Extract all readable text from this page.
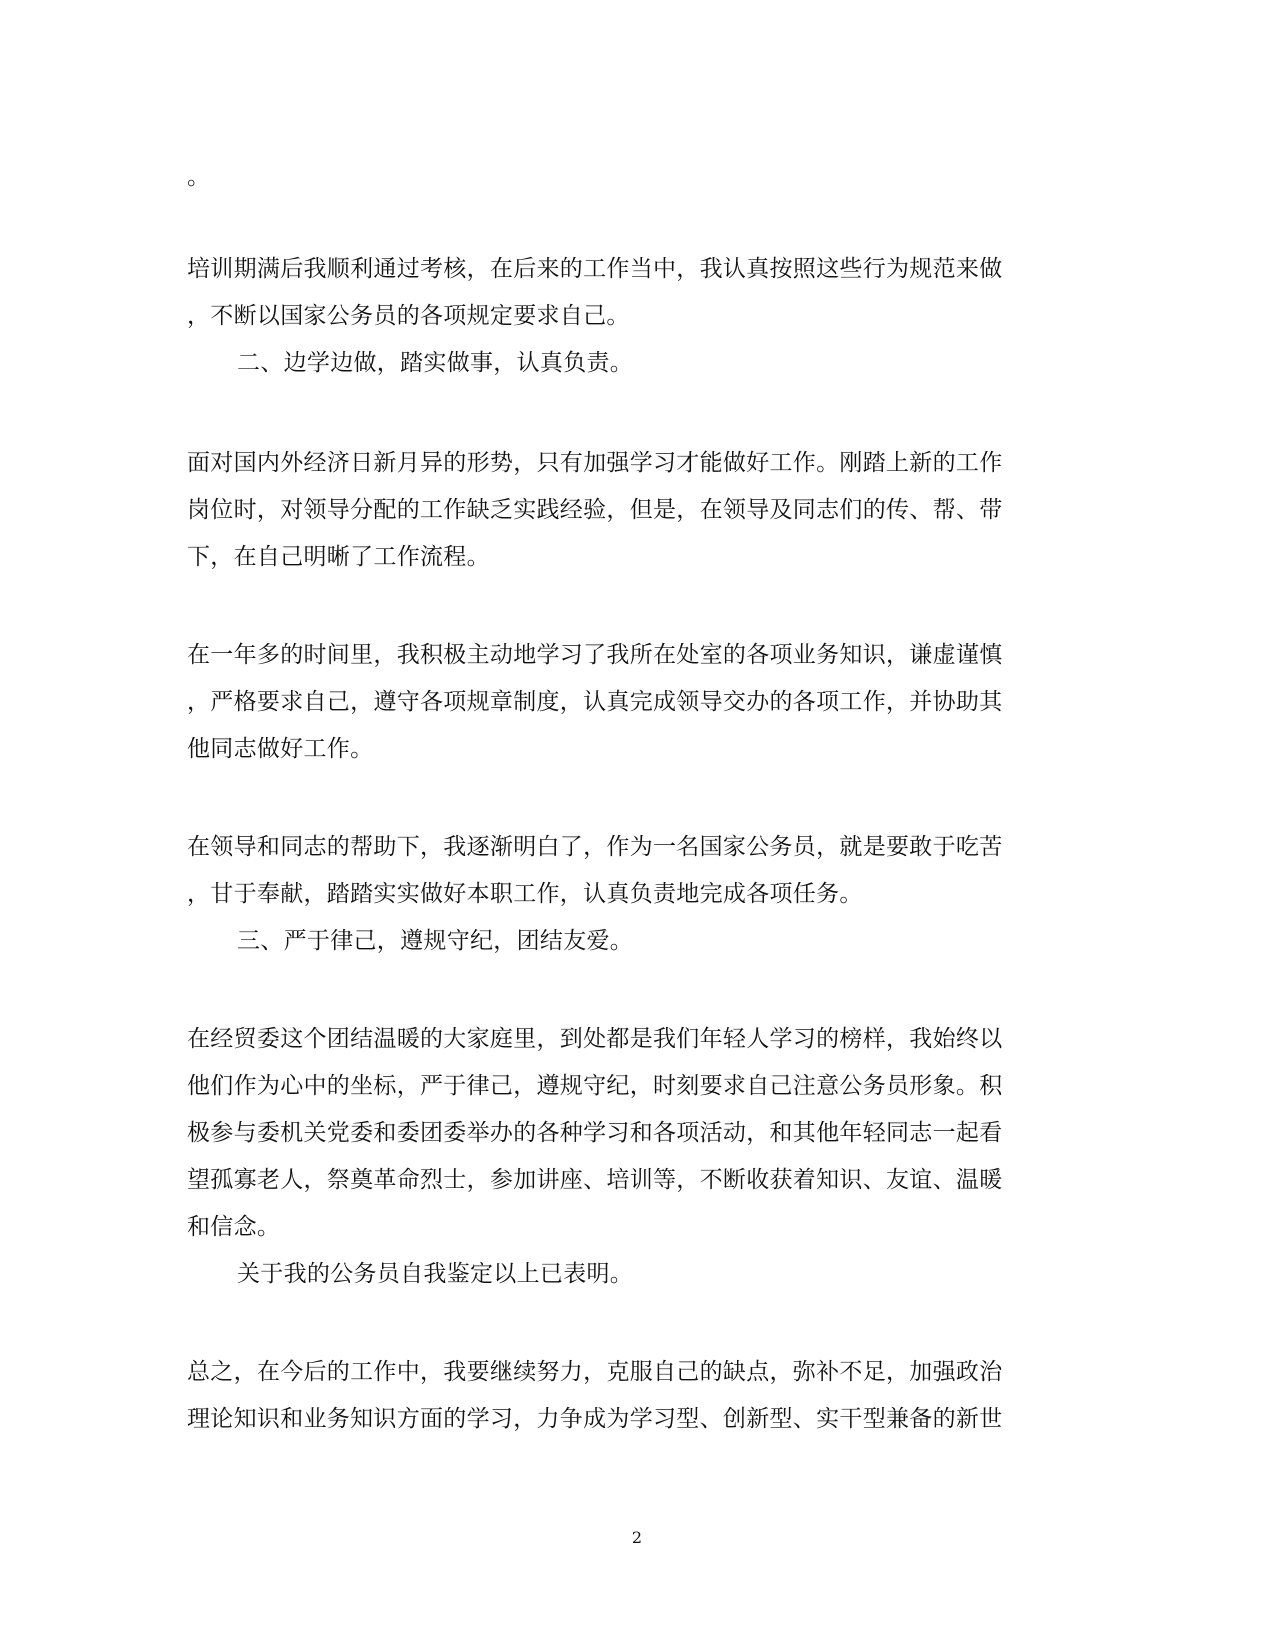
。

培训期满后我顺利通过考核，在后来的工作当中，我认真按照这些行为规范来做

，不断以国家公务员的各项规定要求自己。

二、边学边做，踏实做事，认真负责。

面对国内外经济日新月异的形势，只有加强学习才能做好工作。刚踏上新的工作

岗位时，对领导分配的工作缺乏实践经验，但是，在领导及同志们的传、帮、带

下，在自己明晰了工作流程。

在一年多的时间里，我积极主动地学习了我所在处室的各项业务知识，谦虚谨慎

，严格要求自己，遵守各项规章制度，认真完成领导交办的各项工作，并协助其

他同志做好工作。

在领导和同志的帮助下，我逐渐明白了，作为一名国家公务员，就是要敢于吃苦

，甘于奉献，踏踏实实做好本职工作，认真负责地完成各项任务。

三、严于律己，遵规守纪，团结友爱。

在经贸委这个团结温暖的大家庭里，到处都是我们年轻人学习的榜样，我始终以

他们作为心中的坐标，严于律己，遵规守纪，时刻要求自己注意公务员形象。积

极参与委机关党委和委团委举办的各种学习和各项活动，和其他年轻同志一起看

望孤寡老人，祭奠革命烈士，参加讲座、培训等，不断收获着知识、友谊、温暖

和信念。

关于我的公务员自我鉴定以上已表明。

总之，在今后的工作中，我要继续努力，克服自己的缺点，弥补不足，加强政治

理论知识和业务知识方面的学习，力争成为学习型、创新型、实干型兼备的新世

2
